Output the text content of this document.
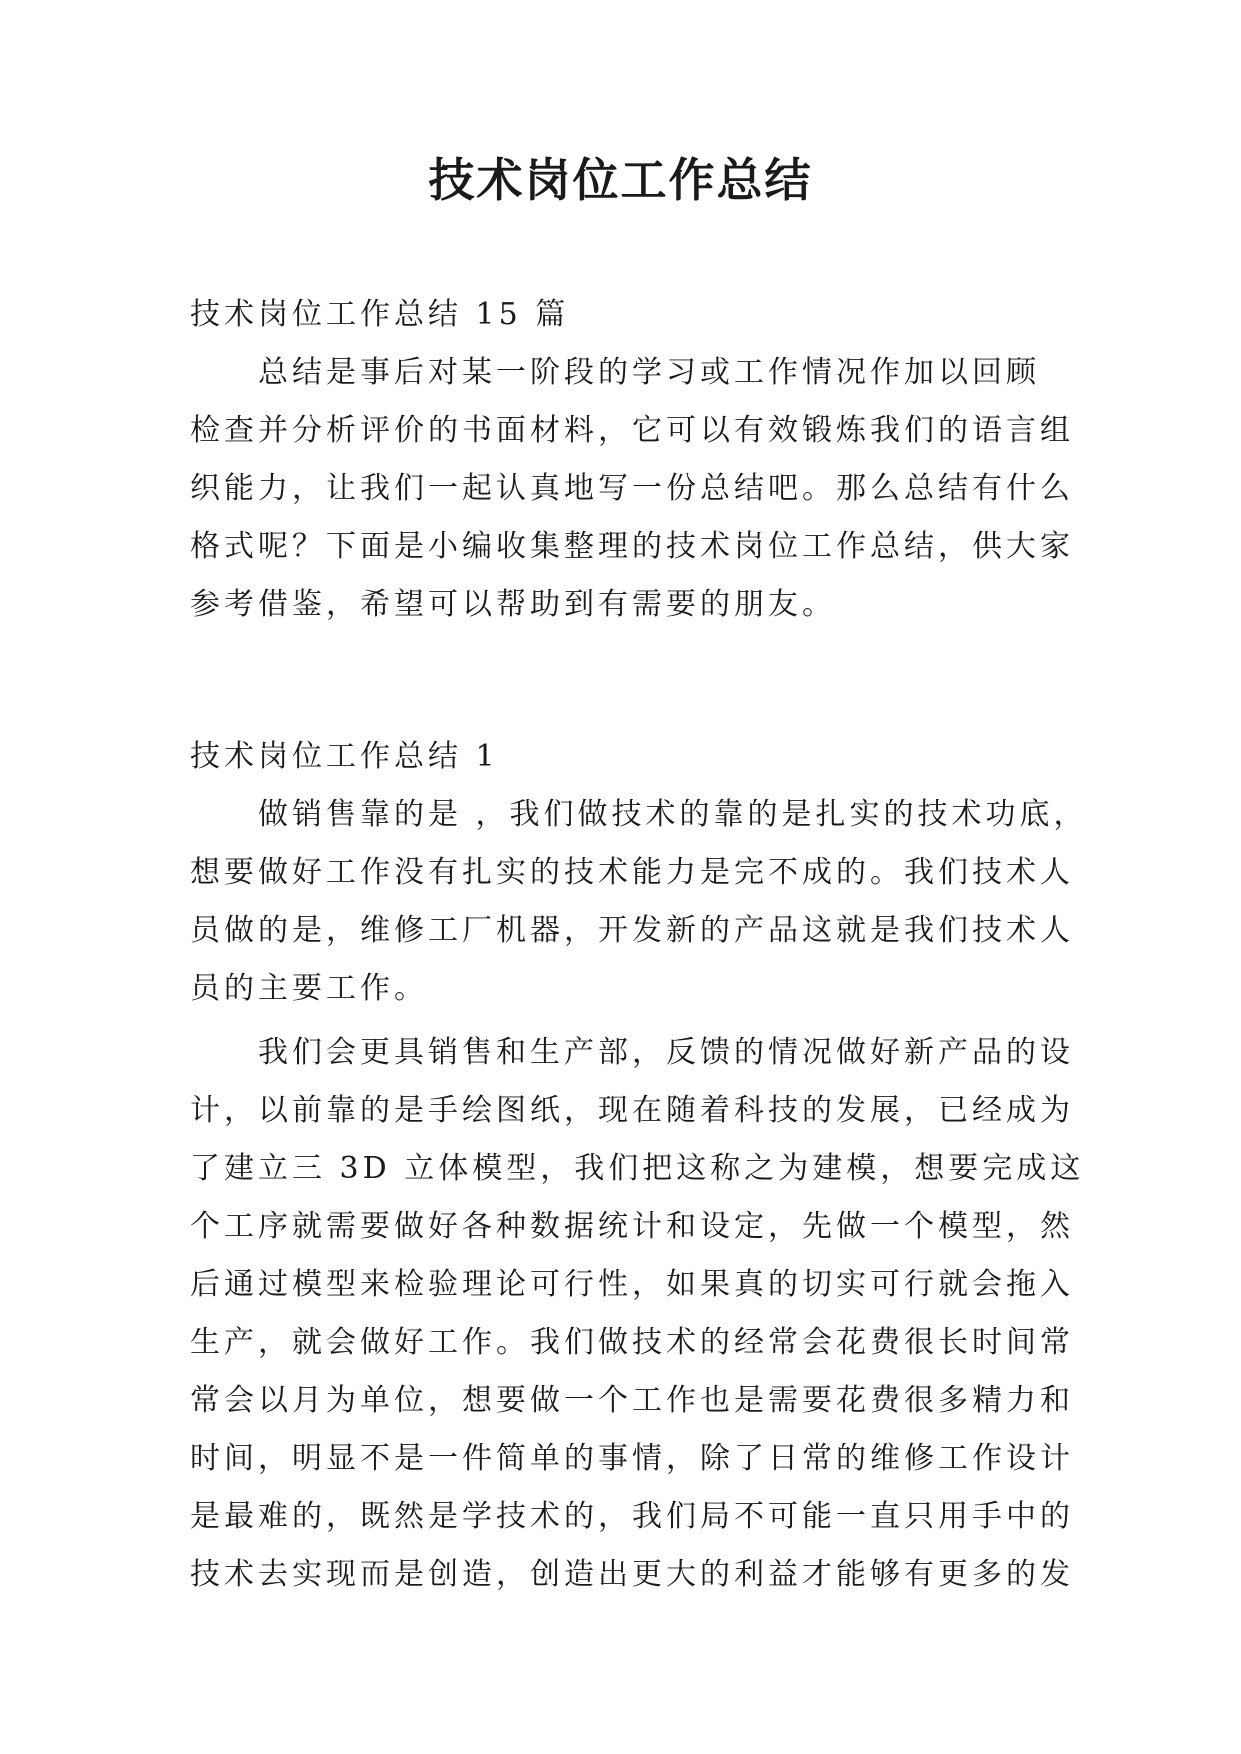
技术岗位工作总结
技术岗位工作总结 15 篇
总结是事后对某一阶段的学习或工作情况作加以回顾
检查并分析评价的书面材料，它可以有效锻炼我们的语言组
织能力，让我们一起认真地写一份总结吧。那么总结有什么
格式呢？下面是小编收集整理的技术岗位工作总结，供大家
参考借鉴，希望可以帮助到有需要的朋友。
技术岗位工作总结 1
做销售靠的是 ，我们做技术的靠的是扎实的技术功底，
想要做好工作没有扎实的技术能力是完不成的。我们技术人
员做的是，维修工厂机器，开发新的产品这就是我们技术人
员的主要工作。
我们会更具销售和生产部，反馈的情况做好新产品的设
计，以前靠的是手绘图纸，现在随着科技的发展，已经成为
了建立三 3D 立体模型，我们把这称之为建模，想要完成这
个工序就需要做好各种数据统计和设定，先做一个模型，然
后通过模型来检验理论可行性，如果真的切实可行就会拖入
生产，就会做好工作。我们做技术的经常会花费很长时间常
常会以月为单位，想要做一个工作也是需要花费很多精力和
时间，明显不是一件简单的事情，除了日常的维修工作设计
是最难的，既然是学技术的，我们局不可能一直只用手中的
技术去实现而是创造，创造出更大的利益才能够有更多的发
